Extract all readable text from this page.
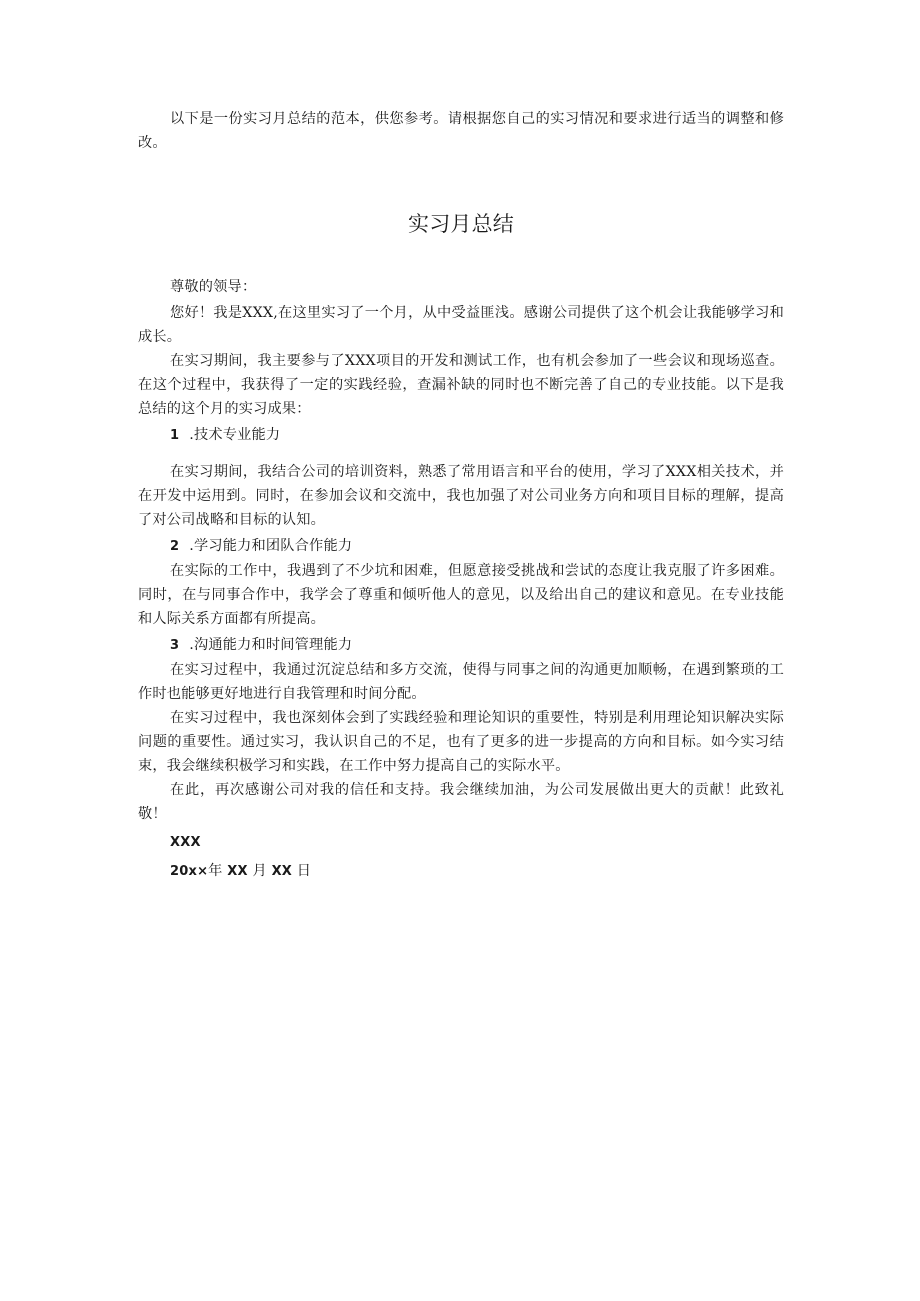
以下是一份实习月总结的范本，供您参考。请根据您自己的实习情况和要求进行适当的调整和修改。

实习月总结

尊敬的领导：

您好！我是XXX,在这里实习了一个月，从中受益匪浅。感谢公司提供了这个机会让我能够学习和成长。

在实习期间，我主要参与了XXX项目的开发和测试工作，也有机会参加了一些会议和现场巡查。在这个过程中，我获得了一定的实践经验，查漏补缺的同时也不断完善了自己的专业技能。以下是我总结的这个月的实习成果：

1 .技术专业能力

在实习期间，我结合公司的培训资料，熟悉了常用语言和平台的使用，学习了XXX相关技术，并在开发中运用到。同时，在参加会议和交流中，我也加强了对公司业务方向和项目目标的理解，提高了对公司战略和目标的认知。

2 .学习能力和团队合作能力

在实际的工作中，我遇到了不少坑和困难，但愿意接受挑战和尝试的态度让我克服了许多困难。同时，在与同事合作中，我学会了尊重和倾听他人的意见，以及给出自己的建议和意见。在专业技能和人际关系方面都有所提高。

3 .沟通能力和时间管理能力

在实习过程中，我通过沉淀总结和多方交流，使得与同事之间的沟通更加顺畅，在遇到繁琐的工作时也能够更好地进行自我管理和时间分配。

在实习过程中，我也深刻体会到了实践经验和理论知识的重要性，特别是利用理论知识解决实际问题的重要性。通过实习，我认识自己的不足，也有了更多的进一步提高的方向和目标。如今实习结束，我会继续积极学习和实践，在工作中努力提高自己的实际水平。

在此，再次感谢公司对我的信任和支持。我会继续加油，为公司发展做出更大的贡献！此致礼敬！

XXX

20x×年 XX 月 XX 日
